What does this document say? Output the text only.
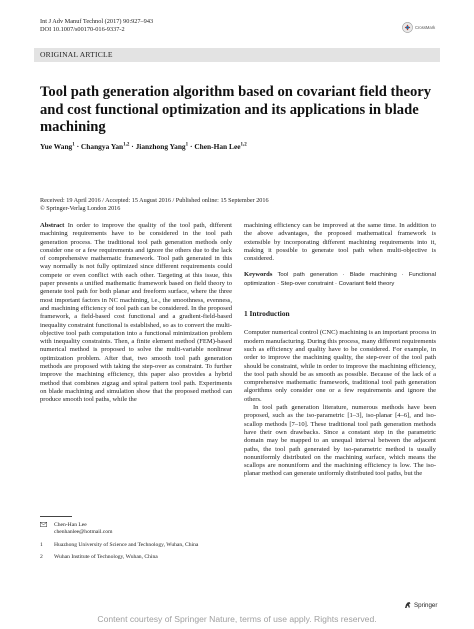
Int J Adv Manuf Technol (2017) 90:927–943
DOI 10.1007/s00170-016-9337-2	CrossMark
ORIGINAL ARTICLE
Tool path generation algorithm based on covariant field theory and cost functional optimization and its applications in blade machining
Yue Wang$^1$ · Changya Yan$^{1,2}$ · Jianzhong Yang$^1$ · Chen-Han Lee$^{1,2}$
Received: 19 April 2016 / Accepted: 15 August 2016 / Published online: 15 September 2016
© Springer-Verlag London 2016

Abstract In order to improve the quality of the tool path, different machining requirements have to be considered in the tool path generation process. The traditional tool path generation methods only consider one or a few requirements and ignore the others due to the lack of comprehensive mathematic framework. Tool path generated in this way normally is not fully optimized since different requirements could compete or even conflict with each other. Targeting at this issue, this paper presents a unified mathematic framework based on field theory to generate tool path for both planar and freeform surface, where the three most important factors in NC machining, i.e., the smoothness, evenness, and machining efficiency of tool path can be considered. In the proposed framework, a field-based cost functional and a gradient-field-based inequality constraint functional is established, so as to convert the multi-objective tool path computation into a functional minimization problem with inequality constraints. Then, a finite element method (FEM)-based numerical method is proposed to solve the multi-variable nonlinear optimization problem. After that, two smooth tool path generation methods are proposed with taking the step-over as constraint. To further improve the machining efficiency, this paper also provides a hybrid method that combines zigzag and spiral pattern tool path. Experiments on blade machining and simulation show that the proposed method can produce smooth tool paths, while the

machining efficiency can be improved at the same time. In addition to the above advantages, the proposed mathematical framework is extensible by incorporating different machining requirements into it, making it possible to generate tool path when multi-objective is considered.

Keywords Tool path generation · Blade machining · Functional optimization · Step-over constraint · Covariant field theory

1 Introduction

Computer numerical control (CNC) machining is an important process in modern manufacturing. During this process, many different requirements such as efficiency and quality have to be considered. For example, in order to improve the machining quality, the step-over of the tool path should be constraint, while in order to improve the machining efficiency, the tool path should be as smooth as possible. Because of the lack of a comprehensive mathematic framework, traditional tool path generation algorithms only consider one or a few requirements and ignore the others.

In tool path generation literature, numerous methods have been proposed, such as the iso-parametric [1–3], iso-planar [4–6], and iso-scallop methods [7–10]. These traditional tool path generation methods have their own drawbacks. Since a constant step in the parametric domain may be mapped to an unequal interval between the adjacent paths, the tool path generated by iso-parametric method is usually nonuniformly distributed on the machining surface, which means the scallops are nonuniform and the machining efficiency is low. The iso-planar method can generate uniformly distributed tool paths, but the

Chen-Han Lee
chenhanlee@hotmail.com
1	Huazhong University of Science and Technology, Wuhan, China
2	Wuhan Institute of Technology, Wuhan, China
Springer
Content courtesy of Springer Nature, terms of use apply. Rights reserved.
